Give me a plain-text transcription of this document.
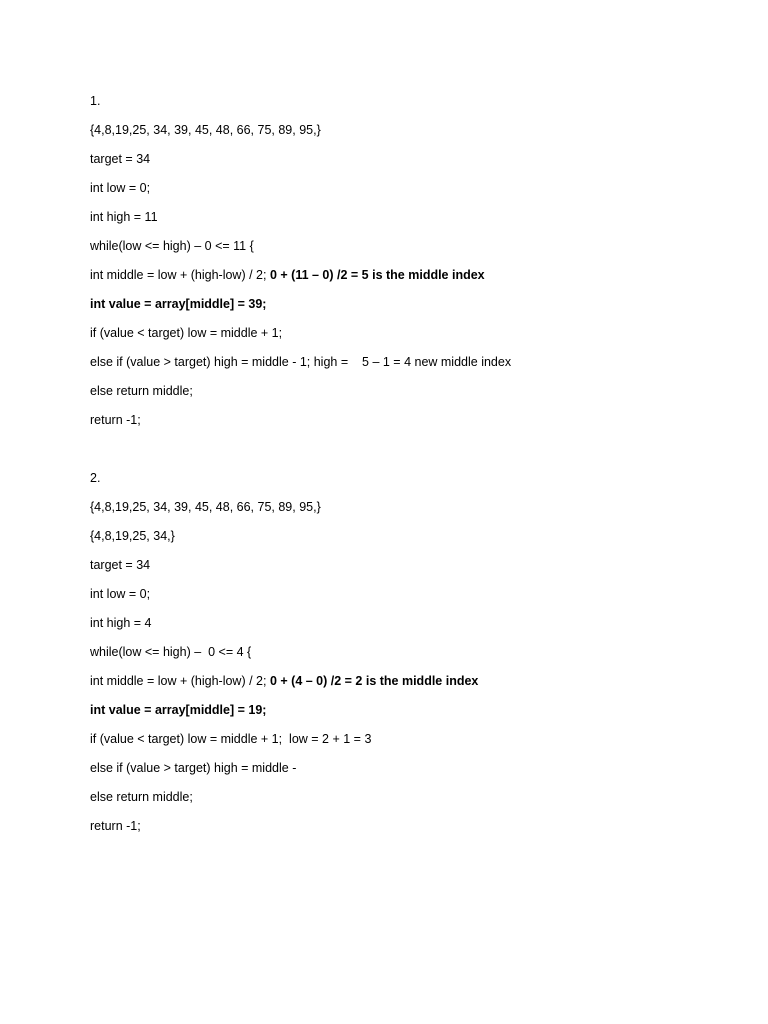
1.
{4,8,19,25, 34, 39, 45, 48, 66, 75, 89, 95,}
target = 34
int low = 0;
int high = 11
while(low <= high) – 0 <= 11 {
int middle = low + (high-low) / 2; 0 + (11 – 0) /2 = 5 is the middle index
int value = array[middle] = 39;
if (value < target) low = middle + 1;
else if (value > target) high = middle - 1; high =    5 – 1 = 4 new middle index
else return middle;
return -1;
2.
{4,8,19,25, 34, 39, 45, 48, 66, 75, 89, 95,}
{4,8,19,25, 34,}
target = 34
int low = 0;
int high = 4
while(low <= high) –  0 <= 4 {
int middle = low + (high-low) / 2; 0 + (4 – 0) /2 = 2 is the middle index
int value = array[middle] = 19;
if (value < target) low = middle + 1;  low = 2 + 1 = 3
else if (value > target) high = middle -
else return middle;
return -1;
